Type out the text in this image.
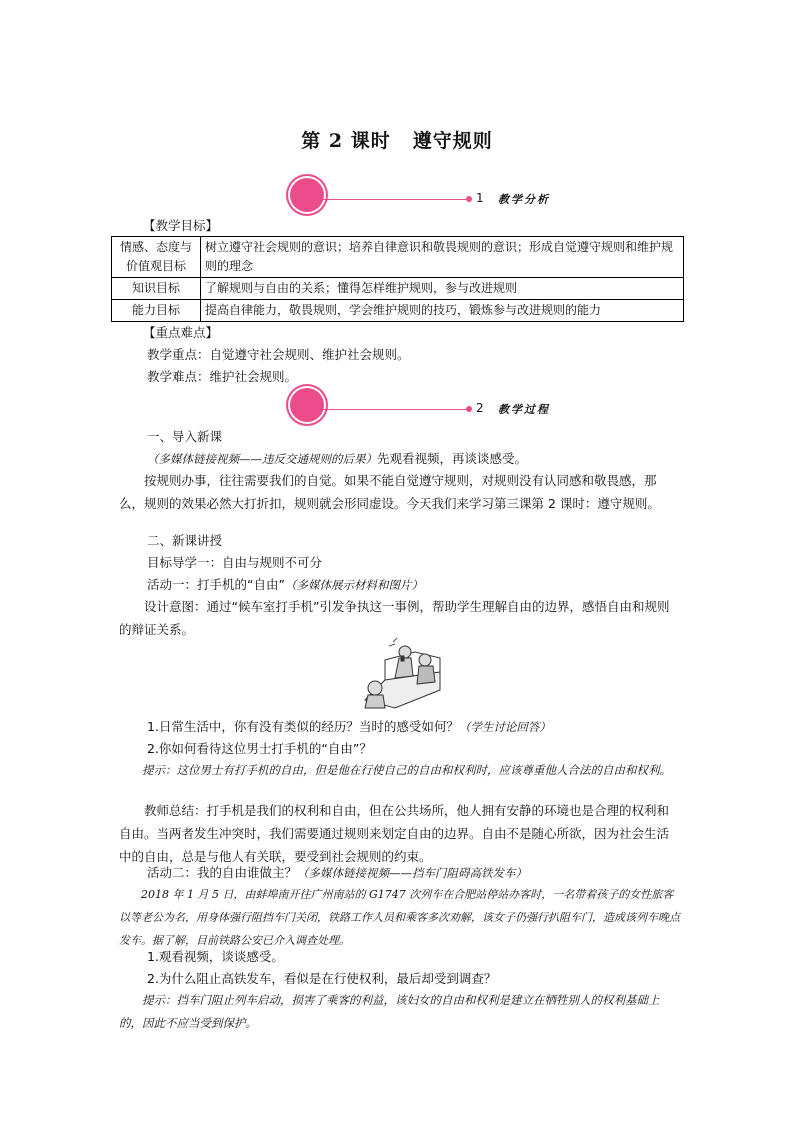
第 2 课时 遵守规则
1 教学分析
【教学目标】
情感、态度与价值观目标	树立遵守社会规则的意识；培养自律意识和敬畏规则的意识；形成自觉遵守规则和维护规则的理念
知识目标	了解规则与自由的关系；懂得怎样维护规则，参与改进规则
能力目标	提高自律能力，敬畏规则，学会维护规则的技巧，锻炼参与改进规则的能力
【重点难点】
教学重点：自觉遵守社会规则、维护社会规则。
教学难点：维护社会规则。
2 教学过程
一、导入新课
（多媒体链接视频——违反交通规则的后果）先观看视频，再谈谈感受。
按规则办事，往往需要我们的自觉。如果不能自觉遵守规则，对规则没有认同感和敬畏感，那么，规则的效果必然大打折扣，规则就会形同虚设。今天我们来学习第三课第 2 课时：遵守规则。
二、新课讲授
目标导学一：自由与规则不可分
活动一：打手机的“自由”（多媒体展示材料和图片）
设计意图：通过“候车室打手机”引发争执这一事例，帮助学生理解自由的边界，感悟自由和规则的辩证关系。
1.日常生活中，你有没有类似的经历？当时的感受如何？（学生讨论回答）
2.你如何看待这位男士打手机的“自由”？
提示：这位男士有打手机的自由，但是他在行使自己的自由和权利时，应该尊重他人合法的自由和权利。
教师总结：打手机是我们的权利和自由，但在公共场所，他人拥有安静的环境也是合理的权利和自由。当两者发生冲突时，我们需要通过规则来划定自由的边界。自由不是随心所欲，因为社会生活中的自由，总是与他人有关联，要受到社会规则的约束。
活动二：我的自由谁做主？（多媒体链接视频——挡车门阻碍高铁发车）
2018 年 1 月 5 日，由蚌埠南开往广州南站的 G1747 次列车在合肥站停站办客时，一名带着孩子的女性旅客以等老公为名，用身体强行阻挡车门关闭，铁路工作人员和乘客多次劝解，该女子仍强行扒阻车门，造成该列车晚点发车。据了解，目前铁路公安已介入调查处理。
1.观看视频，谈谈感受。
2.为什么阻止高铁发车，看似是在行使权利，最后却受到调查？
提示：挡车门阻止列车启动，损害了乘客的利益，该妇女的自由和权利是建立在牺牲别人的权利基础上的，因此不应当受到保护。
